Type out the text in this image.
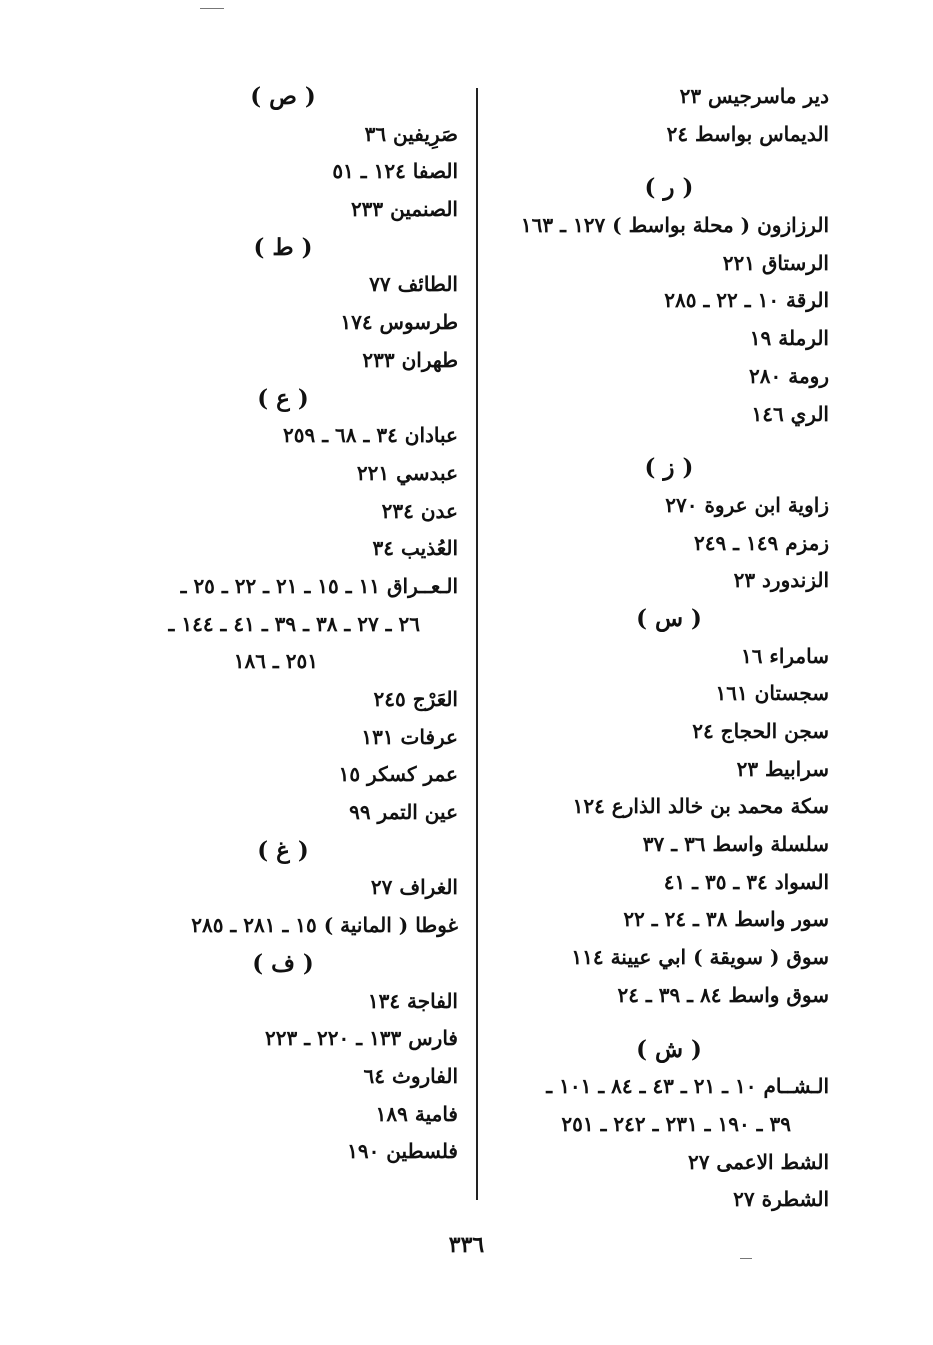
دير ماسرجيس ٢٣
الديماس بواسط ٢٤
( ر )
الرزازون ( محلة بواسط ) ١٢٧ ـ ١٦٣
الرستاق ٢٢١
الرقة ١٠ ـ ٢٢ ـ ٢٨٥
الرملة ١٩
رومة ٢٨٠
الري ١٤٦
( ز )
زاوية ابن عروة ٢٧٠
زمزم ١٤٩ ـ ٢٤٩
الزندورد ٢٣
( س )
سامراء ١٦
سجستان ١٦١
سجن الحجاج ٢٤
سرابيط ٢٣
سكة محمد بن خالد الذارع ١٢٤
سلسلة واسط ٣٦ ـ ٣٧
السواد ٣٤ ـ ٣٥ ـ ٤١
سور واسط ٣٨ ـ ٢٤ ـ ٢٢
سوق ( سويقة ) ابي عيينة ١١٤
سوق واسط ٨٤ ـ ٣٩ ـ ٢٤
( ش )
الـشــام ١٠ ـ ٢١ ـ ٤٣ ـ ٨٤ ـ ١٠١ ـ
٣٩ ـ ١٩٠ ـ ٢٣١ ـ ٢٤٢ ـ ٢٥١
الشط الاعمى ٢٧
الشطرة ٢٧
( ص )
صَرِيفين ٣٦
الصفا ١٢٤ ـ ٥١
الصنمين ٢٣٣
( ط )
الطائف ٧٧
طرسوس ١٧٤
طهران ٢٣٣
( ع )
عبادان ٣٤ ـ ٦٨ ـ ٢٥٩
عبدسي ٢٢١
عدن ٢٣٤
العُذيب ٣٤
الـعــراق ١١ ـ ١٥ ـ ٢١ ـ ٢٢ ـ ٢٥ ـ
٢٦ ـ ٢٧ ـ ٣٨ ـ ٣٩ ـ ٤١ ـ ١٤٤ ـ
٢٥١ ـ ١٨٦
العَرْج ٢٤٥
عرفات ١٣١
عمر كسكر ١٥
عين التمر ٩٩
( غ )
الغراف ٢٧
غوطا ( المانية ) ١٥ ـ ٢٨١ ـ ٢٨٥
( ف )
الفاجة ١٣٤
فارس ١٣٣ ـ ٢٢٠ ـ ٢٢٣
الفاروث ٦٤
فامية ١٨٩
فلسطين ١٩٠
٣٣٦
